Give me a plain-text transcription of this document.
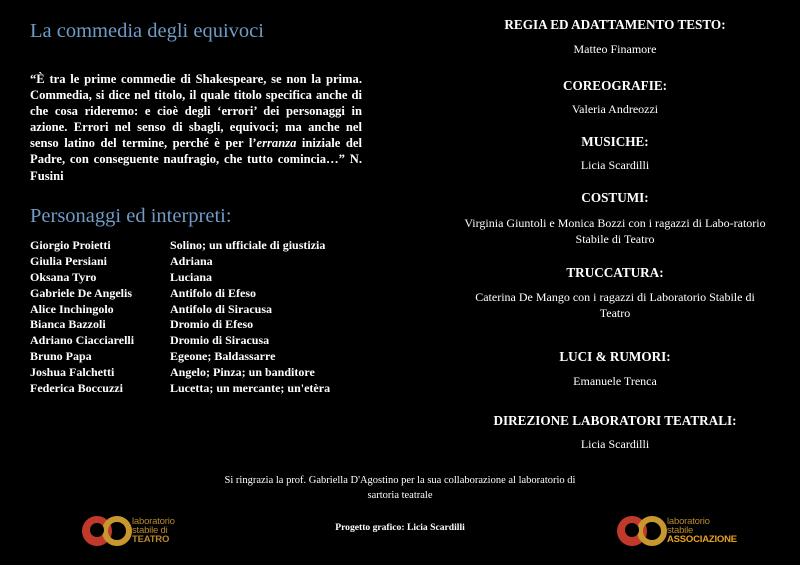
La commedia degli equivoci
“È tra le prime commedie di Shakespeare, se non la prima. Commedia, si dice nel titolo, il quale titolo specifica anche di che cosa rideremo: e cioè degli ‘errori’ dei personaggi in azione. Errori nel senso di sbagli, equivoci; ma anche nel senso latino del termine, perché è per l’erranza iniziale del Padre, con conseguente naufragio, che tutto comincia…” N. Fusini
Personaggi ed interpreti:
Giorgio Proietti	Solino; un ufficiale di giustizia
Giulia Persiani	Adriana
Oksana Tyro	Luciana
Gabriele De Angelis	Antifolo di Efeso
Alice Inchingolo	Antifolo di Siracusa
Bianca Bazzoli	Dromio di Efeso
Adriano Ciacciarelli	Dromio di Siracusa
Bruno Papa	Egeone; Baldassarre
Joshua Falchetti	Angelo; Pinza; un banditore
Federica Boccuzzi	Lucetta; un mercante; un'etèra
REGIA ED ADATTAMENTO TESTO:
Matteo Finamore
COREOGRAFIE:
Valeria Andreozzi
MUSICHE:
Licia Scardilli
COSTUMI:
Virginia Giuntoli e Monica Bozzi con i ragazzi di Labo-ratorio Stabile di Teatro
TRUCCATURA:
Caterina De Mango con i ragazzi di Laboratorio Stabile di Teatro
LUCI & RUMORI:
Emanuele Trenca
DIREZIONE LABORATORI TEATRALI:
Licia Scardilli
Si ringrazia la prof. Gabriella D'Agostino per la sua collaborazione al laboratorio di
sartoria teatrale
Progetto grafico: Licia Scardilli
laboratorio
stabile di
TEATRO
laboratorio
stabile
ASSOCIAZIONE
